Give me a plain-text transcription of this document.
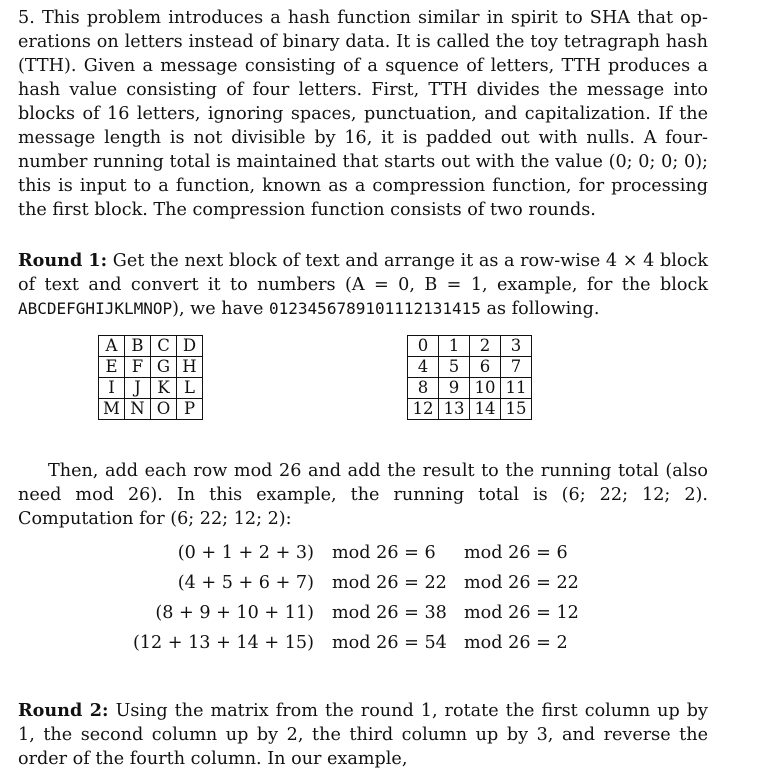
5. This problem introduces a hash function similar in spirit to SHA that operations on letters instead of binary data. It is called the toy tetragraph hash (TTH). Given a message consisting of a squence of letters, TTH produces a hash value consisting of four letters. First, TTH divides the message into blocks of 16 letters, ignoring spaces, punctuation, and capitalization. If the message length is not divisible by 16, it is padded out with nulls. A four-number running total is maintained that starts out with the value (0; 0; 0; 0); this is input to a function, known as a compression function, for processing the first block. The compression function consists of two rounds.

Round 1: Get the next block of text and arrange it as a row-wise 4 × 4 block of text and convert it to numbers (A = 0, B = 1, example, for the block ABCDEFGHIJKLMNOP), we have 0123456789101112131415 as following.

A	B	C	D
E	F	G	H
I	J	K	L
M	N	O	P
0	1	2	3
4	5	6	7
8	9	10	11
12	13	14	15

Then, add each row mod 26 and add the result to the running total (also need mod 26). In this example, the running total is (6; 22; 12; 2). Computation for (6; 22; 12; 2):

(0 + 1 + 2 + 3) mod 26 = 6 mod 26 = 6
(4 + 5 + 6 + 7) mod 26 = 22 mod 26 = 22
(8 + 9 + 10 + 11) mod 26 = 38 mod 26 = 12
(12 + 13 + 14 + 15) mod 26 = 54 mod 26 = 2

Round 2: Using the matrix from the round 1, rotate the first column up by 1, the second column up by 2, the third column up by 3, and reverse the order of the fourth column. In our example,
